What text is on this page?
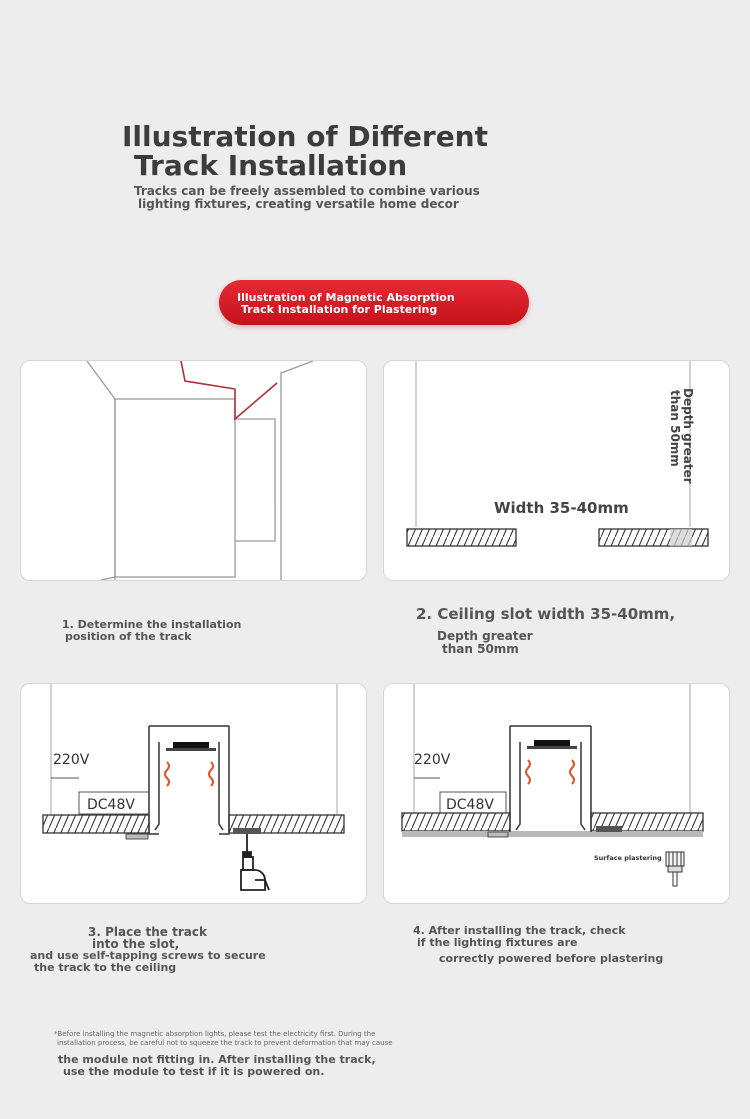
Illustration of Different
Track Installation
Tracks can be freely assembled to combine various
lighting fixtures, creating versatile home decor
Illustration of Magnetic Absorption
Track Installation for Plastering
Width 35-40mm
Depth greater
than 50mm
1. Determine the installation
position of the track
2. Ceiling slot width 35-40mm,
Depth greater
than 50mm
220V
DC48V
220V
DC48V
Surface plastering
3. Place the track
into the slot,
and use self-tapping screws to secure
the track to the ceiling
4. After installing the track, check
if the lighting fixtures are
correctly powered before plastering
*Before installing the magnetic absorption lights, please test the electricity first. During the
installation process, be careful not to squeeze the track to prevent deformation that may cause
the module not fitting in. After installing the track,
use the module to test if it is powered on.
